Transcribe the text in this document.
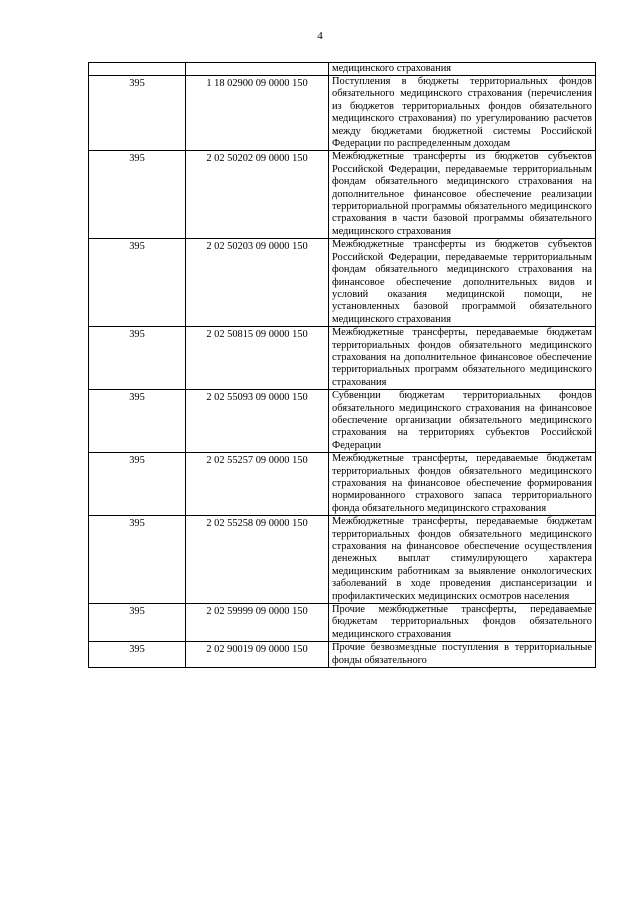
4
		медицинского страхования
395	1 18 02900 09 0000 150	Поступления в бюджеты территориальных фондов обязательного медицинского страхования (перечисления из бюджетов территориальных фондов обязательного медицинского страхования) по урегулированию расчетов между бюджетами бюджетной системы Российской Федерации по распределенным доходам
395	2 02 50202 09 0000 150	Межбюджетные трансферты из бюджетов субъектов Российской Федерации, передаваемые территориальным фондам обязательного медицинского страхования на дополнительное финансовое обеспечение реализации территориальной программы обязательного медицинского страхования в части базовой программы обязательного медицинского страхования
395	2 02 50203 09 0000 150	Межбюджетные трансферты из бюджетов субъектов Российской Федерации, передаваемые территориальным фондам обязательного медицинского страхования на финансовое обеспечение дополнительных видов и условий оказания медицинской помощи, не установленных базовой программой обязательного медицинского страхования
395	2 02 50815 09 0000 150	Межбюджетные трансферты, передаваемые бюджетам территориальных фондов обязательного медицинского страхования на дополнительное финансовое обеспечение территориальных программ обязательного медицинского страхования
395	2 02 55093 09 0000 150	Субвенции бюджетам территориальных фондов обязательного медицинского страхования на финансовое обеспечение организации обязательного медицинского страхования на территориях субъектов Российской Федерации
395	2 02 55257 09 0000 150	Межбюджетные трансферты, передаваемые бюджетам территориальных фондов обязательного медицинского страхования на финансовое обеспечение формирования нормированного страхового запаса территориального фонда обязательного медицинского страхования
395	2 02 55258 09 0000 150	Межбюджетные трансферты, передаваемые бюджетам территориальных фондов обязательного медицинского страхования на финансовое обеспечение осуществления денежных выплат стимулирующего характера медицинским работникам за выявление онкологических заболеваний в ходе проведения диспансеризации и профилактических медицинских осмотров населения
395	2 02 59999 09 0000 150	Прочие межбюджетные трансферты, передаваемые бюджетам территориальных фондов обязательного медицинского страхования
395	2 02 90019 09 0000 150	Прочие безвозмездные поступления в территориальные фонды обязательного
